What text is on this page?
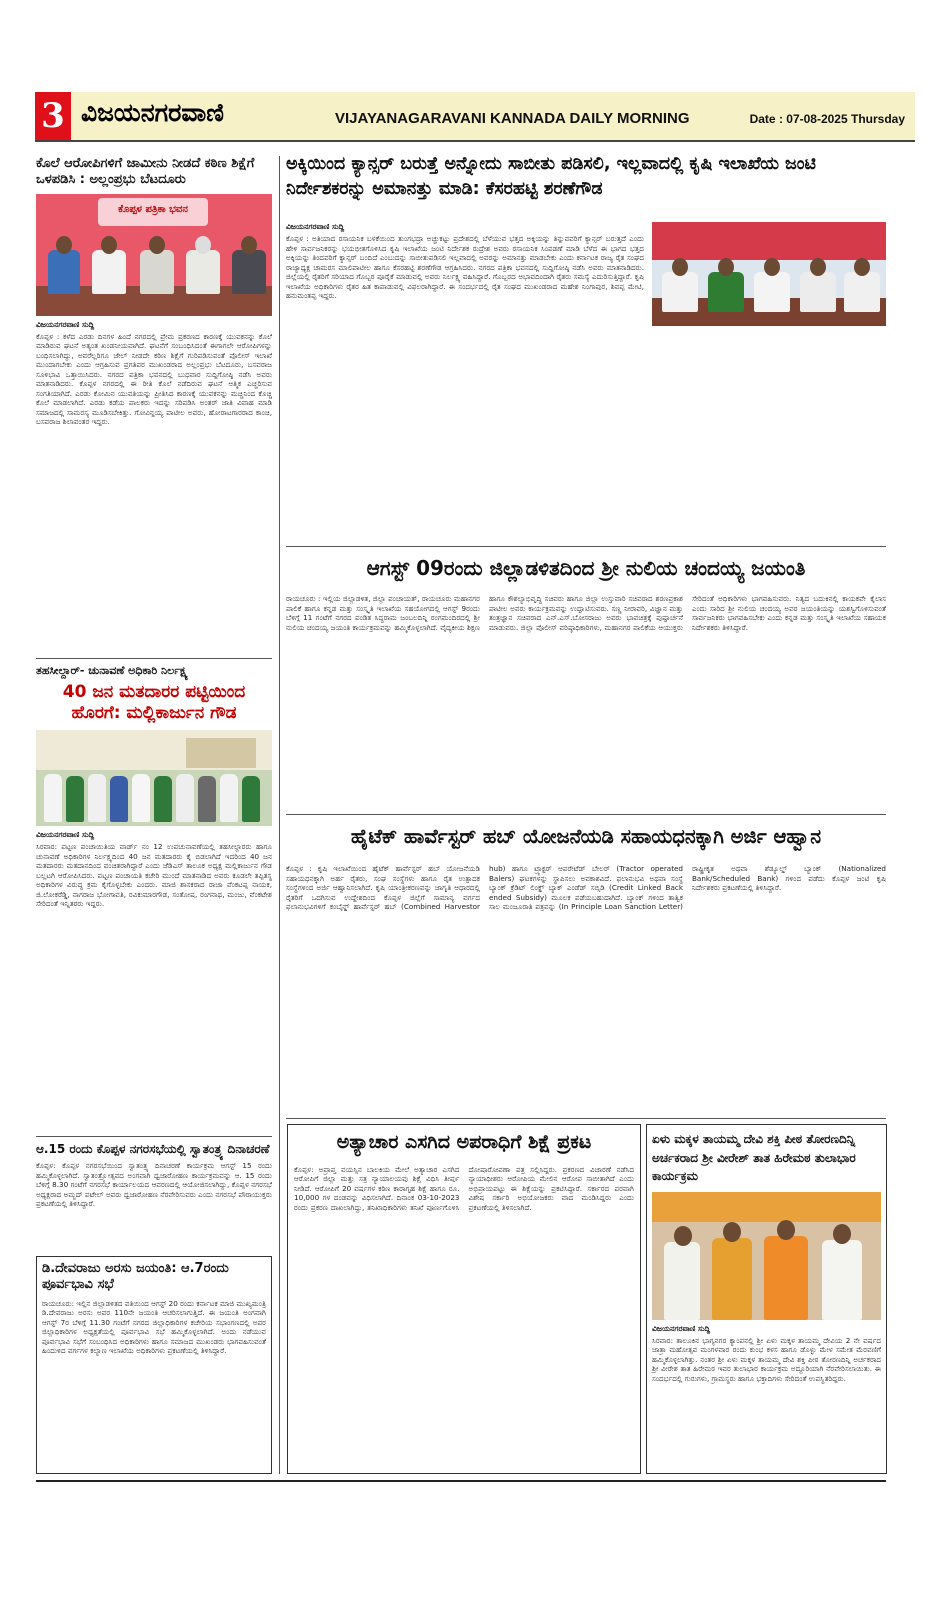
3 ವಿಜಯನಗರವಾಣಿ	VIJAYANAGARAVANI KANNADA DAILY MORNING	Date : 07-08-2025 Thursday

ಕೊಲೆ ಆರೋಪಿಗಳಿಗೆ ಜಾಮೀನು ನೀಡದೆ ಕಠಿಣ ಶಿಕ್ಷೆಗೆ ಒಳಪಡಿಸಿ : ಅಲ್ಲಂಪ್ರಭು ಬೆಟದೂರು

ಕೊಪ್ಪಳ ಪತ್ರಿಕಾ ಭವನ

ವಿಜಯನಗರವಾಣಿ ಸುದ್ದಿ

ಕೊಪ್ಪಳ : ಕಳೆದ ಎರಡು ದಿನಗಳ ಹಿಂದೆ ನಗರದಲ್ಲಿ ಪ್ರೇಮ ಪ್ರಕರಣದ ಕಾರಣಕ್ಕೆ ಯುವಕನನ್ನು ಕೊಲೆ ಮಾಡಿರುವ ಘಟನೆ ಅತ್ಯಂತ ಖಂಡನೀಯವಾಗಿದೆ. ಘಟನೆಗೆ ಸಂಬಂಧಿಸಿದಂತೆ ಈಗಾಗಲೇ ಆರೋಪಿಗಳನ್ನು ಬಂಧಿಸಲಾಗಿದ್ದು, ಅವರೆಲ್ಲರಿಗೂ ಜೇಲ್ ನೀಡದೇ ಕಠಿಣ ಶಿಕ್ಷೆಗೆ ಗುರಿಪಡಿಸುವಂತೆ ಪೊಲೀಸ್ ಇಲಾಖೆ ಮುಂದಾಗಬೇಕು ಎಂದು ಆಗ್ರಹಿಸುವ ಪ್ರಗತಿಪರ ಮುಖಂಡರಾದ ಅಲ್ಲಂಪ್ರಭು ಬೆಟದೂರು, ಬಸವರಾಜ ಸೂಳಿಭಾವಿ ಒತ್ತಾಯಿಸಿದರು. ನಗರದ ಪತ್ರಿಕಾ ಭವನದಲ್ಲಿ ಬುಧವಾರ ಸುದ್ದಿಗೋಷ್ಠಿ ನಡೆಸಿ ಅವರು ಮಾತನಾಡಿದರು. ಕೊಪ್ಪಳ ನಗರದಲ್ಲಿ ಈ ರೀತಿ ಕೊಲೆ ನಡೆದಿರುವ ಘಟನೆ ಆತ್ಮಿಕ ಎಚ್ಚರಿಸುವ ಸಂಗತಿಯಾಗಿದೆ. ಎರಡು ಕೋಮಿನ ಯುವತಿಯನ್ನು ಪ್ರೀತಿಸಿದ ಕಾರಣಕ್ಕೆ ಯುವಕನನ್ನು ಮಚ್ಚಿನಿಂದ ಕೊಚ್ಚಿ ಕೊಲೆ ಮಾಡಲಾಗಿದೆ. ಎರಡು ಕಡೆಯ ಪಾಲಕರು ಇದನ್ನು ಸರಿಪಡಿಸಿ ಅಂತರ್ ಜಾತಿ ವಿವಾಹ ಮಾಡಿ ಸಮಾಜದಲ್ಲಿ ಸಾಮರಸ್ಯ ಮೂಡಿಸಬೇಕಿತ್ತು. ಗೋವಿನ್ದಯ್ಯ ಪಾಟೀಲ ಅವರು, ಹೋರಾಟಗಾರರಾದ ಕಾಂಚಿ, ಬಸವರಾಜ ಶಿಲಾವಂತರ ಇದ್ದರು.

ತಹಸೀಲ್ದಾರ್- ಚುನಾವಣೆ ಅಧಿಕಾರಿ ನಿರ್ಲಕ್ಷ್ಯ

40 ಜನ ಮತದಾರರ ಪಟ್ಟಿಯಿಂದ ಹೊರಗೆ: ಮಲ್ಲಿಕಾರ್ಜುನ ಗೌಡ

ವಿಜಯನಗರವಾಣಿ ಸುದ್ದಿ

ಸಿರವಾರ: ಪಟ್ಟಣ ಪಂಚಾಯಿತಿಯ ವಾರ್ಡ್ ನಂ 12 ಉಪಚುನಾವಣೆಯಲ್ಲಿ ತಹಸೀಲ್ದಾರರು ಹಾಗೂ ಚುನಾವಣೆ ಅಧಿಕಾರಿಗಳ ನಿರ್ಲಕ್ಷ್ಯದಿಂದ 40 ಜನ ಮತದಾರರು ಕೈ ಬಿಡಲಾಗಿದೆ ಇದರಿಂದ 40 ಜನ ಮತದಾರರು ಮತದಾನದಿಂದ ವಂಚಿತರಾಗಿದ್ದಾರೆ ಎಂದು ಜೆಡಿಎಸ್ ತಾಲೂಕ ಅಧ್ಯಕ್ಷ ಮಲ್ಲಿಕಾರ್ಜುನ ಗೌಡ ಬಲ್ಲಟಗಿ ಆರೋಪಿಸಿದರು. ಪಟ್ಟಣ ಪಂಚಾಯತಿ ಕಚೇರಿ ಮುಂದೆ ಮಾತನಾಡಿದ ಅವರು ಕೂಡಲೇ ತಪ್ಪಿತಸ್ಥ ಅಧಿಕಾರಿಗಳ ವಿರುದ್ಧ ಕ್ರಮ ಕೈಗೊಳ್ಳಬೇಕು ಎಂದರು. ಮಾಜಿ ಶಾಸಕರಾದ ರಾಜಾ ವೆಂಕಟಪ್ಪ ನಾಯಕ, ಜಿ.ಲೋಕರೆಡ್ಡಿ, ನಾಗರಾಜ ಭೋಗಾವತಿ, ರವಿಕುಮಾರಗೌಡ, ಸಂತೋಷ, ರಂಗನಾಥ, ಮಂಜು, ವೆಂಕಟೇಶ ಸೇರಿದಂತೆ ಇನ್ನಿತರರು ಇದ್ದರು.

ಆ.15 ರಂದು ಕೊಪ್ಪಳ ನಗರಸಭೆಯಲ್ಲಿ ಸ್ವಾತಂತ್ರ್ಯ ದಿನಾಚರಣೆ

ಕೊಪ್ಪಳ: ಕೊಪ್ಪಳ ನಗರಸಭೆಯಿಂದ ಸ್ವಾತಂತ್ರ್ಯ ದಿನಾಚರಣೆ ಕಾರ್ಯಕ್ರಮ ಆಗಸ್ಟ್ 15 ರಂದು ಹಮ್ಮಿಕೊಳ್ಳಲಾಗಿದೆ. ಸ್ವಾತಂತ್ರ್ಯೋತ್ಸವದ ಅಂಗವಾಗಿ ಧ್ವಜಾರೋಹಣ ಕಾರ್ಯಕ್ರಮವನ್ನು ಆ. 15 ರಂದು ಬೆಳಿಗ್ಗೆ 8.30 ಗಂಟೆಗೆ ನಗರಸಭೆ ಕಾರ್ಯಾಲಯದ ಆವರಣದಲ್ಲಿ ಆಯೋಜಿಸಲಾಗಿದ್ದು, ಕೊಪ್ಪಳ ನಗರಸಭೆ ಅಧ್ಯಕ್ಷರಾದ ಅಮ್ಜದ್ ಪಟೇಲ್ ಅವರು ಧ್ವಜಾರೋಹಣ ನೆರವೇರಿಸುವರು ಎಂದು ನಗರಸಭೆ ಪೌರಾಯುಕ್ತರು ಪ್ರಕಟಣೆಯಲ್ಲಿ ತಿಳಿಸಿದ್ದಾರೆ.

ಡಿ.ದೇವರಾಜು ಅರಸು ಜಯಂತಿ: ಆ.7ರಂದು ಪೂರ್ವಭಾವಿ ಸಭೆ

ರಾಯಚೂರು: ಇಲ್ಲಿನ ಜಿಲ್ಲಾಡಳಿತದ ವತಿಯಿಂದ ಆಗಸ್ಟ್ 20 ರಂದು ಕರ್ನಾಟಕ ಮಾಜಿ ಮುಖ್ಯಮಂತ್ರಿ ಡಿ.ದೇವರಾಜು ಅರಸು ಅವರ 110ನೇ ಜಯಂತಿ ಆಚರಿಸಲಾಗುತ್ತಿದೆ. ಈ ಜಯಂತಿ ಅಂಗವಾಗಿ ಆಗಸ್ಟ್ 7ರ ಬೆಳಿಗ್ಗೆ 11.30 ಗಂಟೆಗೆ ನಗರದ ಜಿಲ್ಲಾಧಿಕಾರಿಗಳ ಕಚೇರಿಯ ಸಭಾಂಗಣದಲ್ಲಿ ಅಪರ ಜಿಲ್ಲಾಧಿಕಾರಿಗಳ ಅಧ್ಯಕ್ಷತೆಯಲ್ಲಿ ಪೂರ್ವಭಾವಿ ಸಭೆ ಹಮ್ಮಿಕೊಳ್ಳಲಾಗಿದೆ. ಅಂದು ನಡೆಯುವ ಪೂರ್ವಭಾವಿ ಸಭೆಗೆ ಸಂಬಂಧಿಸಿದ ಅಧಿಕಾರಿಗಳು ಹಾಗೂ ಸಮಾಜದ ಮುಖಂಡರು ಭಾಗವಹಿಸುವಂತೆ ಹಿಂದುಳಿದ ವರ್ಗಗಳ ಕಲ್ಯಾಣ ಇಲಾಖೆಯ ಅಧಿಕಾರಿಗಳು ಪ್ರಕಟಣೆಯಲ್ಲಿ ತಿಳಿಸಿದ್ದಾರೆ.

ಅಕ್ಕಿಯಿಂದ ಕ್ಯಾನ್ಸರ್ ಬರುತ್ತೆ ಅನ್ನೋದು ಸಾಬೀತು ಪಡಿಸಲಿ, ಇಲ್ಲವಾದಲ್ಲಿ ಕೃಷಿ ಇಲಾಖೆಯ ಜಂಟಿ ನಿರ್ದೇಶಕರನ್ನು ಅಮಾನತ್ತು ಮಾಡಿ: ಕೆಸರಹಟ್ಟಿ ಶರಣೆಗೌಡ

ವಿಜಯನಗರವಾಣಿ ಸುದ್ದಿ

ಕೊಪ್ಪಳ : ಅತಿಯಾದ ರಸಾಯನಿಕ ಬಳಕೆಯಿಂದ ತುಂಗಭದ್ರಾ ಅಚ್ಚುಕಟ್ಟು ಪ್ರದೇಶದಲ್ಲಿ ಬೆಳೆಯುವ ಭತ್ತದ ಅಕ್ಕಿಯನ್ನು ತಿನ್ನುವವರಿಗೆ ಕ್ಯಾನ್ಸರ್ ಬರುತ್ತದೆ ಎಂದು ಹೇಳಿ ಸಾರ್ವಜನಿಕರನ್ನು ಭಯಭೀತಗೊಳಿಸಿದ ಕೃಷಿ ಇಲಾಖೆಯ ಜಂಟಿ ನಿರ್ದೇಶಕ ರುದ್ರೇಶ ಅವರು ರಸಾಯನಿಕ ಸಿಂಪಡಣೆ ಮಾಡಿ ಬೆಳೆದ ಈ ಭಾಗದ ಭತ್ತದ ಅಕ್ಕಿಯನ್ನು ತಿಂದವರಿಗೆ ಕ್ಯಾನ್ಸರ್ ಬಂದಿದೆ ಎಂಬುದನ್ನು ಸಾಬೀತುಪಡಿಸಲಿ ಇಲ್ಲವಾದಲ್ಲಿ ಅವರನ್ನು ಅಮಾನತ್ತು ಮಾಡಬೇಕು ಎಂದು ಕರ್ನಾಟಕ ರಾಜ್ಯ ರೈತ ಸಂಘದ ರಾಜ್ಯಾಧ್ಯಕ್ಷ ಚಾಮರಸ ಮಾಲಿಪಾಟೀಲ ಹಾಗೂ ಕೆಸರಹಟ್ಟಿ ಶರಣೆಗೌಡ ಆಗ್ರಹಿಸಿದರು. ನಗರದ ಪತ್ರಿಕಾ ಭವನದಲ್ಲಿ ಸುದ್ದಿಗೋಷ್ಠಿ ನಡೆಸಿ ಅವರು ಮಾತನಾಡಿದರು. ಜಿಲ್ಲೆಯಲ್ಲಿ ರೈತರಿಗೆ ಸರಿಯಾದ ಗೊಬ್ಬರ ಪೂರೈಕೆ ಮಾಡುವಲ್ಲಿ ಅವರು ನಿರ್ಲಕ್ಷ್ಯ ವಹಿಸಿದ್ದಾರೆ. ಗೊಬ್ಬರದ ಅಭಾವದಿಂದಾಗಿ ರೈತರು ಸಮಸ್ಯೆ ಎದುರಿಸುತ್ತಿದ್ದಾರೆ. ಕೃಷಿ ಇಲಾಖೆಯ ಅಧಿಕಾರಿಗಳು ರೈತರ ಹಿತ ಕಾಪಾಡುವಲ್ಲಿ ವಿಫಲರಾಗಿದ್ದಾರೆ. ಈ ಸಂದರ್ಭದಲ್ಲಿ ರೈತ ಸಂಘದ ಮುಖಂಡರಾದ ಮಹೇಶ ನಿಂಗಾಪುರ, ಶಿವಪ್ಪ ಮೇಟಿ, ಹನುಮಂತಪ್ಪ ಇದ್ದರು.

ಆಗಸ್ಟ್ 09ರಂದು ಜಿಲ್ಲಾಡಳಿತದಿಂದ ಶ್ರೀ ನುಲಿಯ ಚಂದಯ್ಯ ಜಯಂತಿ

ರಾಯಚೂರು : ಇಲ್ಲಿಯ ಜಿಲ್ಲಾಡಳಿತ, ಜಿಲ್ಲಾ ಪಂಚಾಯತ್, ರಾಯಚೂರು ಮಹಾನಗರ ಪಾಲಿಕೆ ಹಾಗೂ ಕನ್ನಡ ಮತ್ತು ಸಂಸ್ಕೃತಿ ಇಲಾಖೆಯ ಸಹಯೋಗದಲ್ಲಿ ಆಗಸ್ಟ್ 9ರಂದು ಬೆಳಿಗ್ಗೆ 11 ಗಂಟೆಗೆ ನಗರದ ಪಂಡಿತ ಸಿದ್ಧರಾಮ ಜಂಬಲದಿನ್ನಿ ರಂಗಮಂದಿರದಲ್ಲಿ ಶ್ರೀ ನುಲಿಯ ಚಂದಯ್ಯ ಜಯಂತಿ ಕಾರ್ಯಕ್ರಮವನ್ನು ಹಮ್ಮಿಕೊಳ್ಳಲಾಗಿದೆ. ವೈದ್ಯಕೀಯ ಶಿಕ್ಷಣ ಹಾಗೂ ಕೌಶಲ್ಯಾಭಿವೃದ್ಧಿ ಸಚಿವರು ಹಾಗೂ ಜಿಲ್ಲಾ ಉಸ್ತುವಾರಿ ಸಚಿವರಾದ ಶರಣಪ್ರಕಾಶ ಪಾಟೀಲ ಅವರು ಕಾರ್ಯಕ್ರಮವನ್ನು ಉದ್ಘಾಟಿಸುವರು. ಸಣ್ಣ ನೀರಾವರಿ, ವಿಜ್ಞಾನ ಮತ್ತು ತಂತ್ರಜ್ಞಾನ ಸಚಿವರಾದ ಎನ್.ಎಸ್.ಬೋಸರಾಜು ಅವರು ಭಾವಚಿತ್ರಕ್ಕೆ ಪುಷ್ಪಾರ್ಚನೆ ಮಾಡುವರು. ಜಿಲ್ಲಾ ಪೊಲೀಸ್ ವರಿಷ್ಠಾಧಿಕಾರಿಗಳು, ಮಹಾನಗರ ಪಾಲಿಕೆಯ ಆಯುಕ್ತರು ಸೇರಿದಂತೆ ಅಧಿಕಾರಿಗಳು ಭಾಗವಹಿಸುವರು. ನಿತ್ಯದ ಬದುಕಿನಲ್ಲಿ ಕಾಯಕವೇ ಕೈಲಾಸ ಎಂದು ಸಾರಿದ ಶ್ರೀ ನುಲಿಯ ಚಂದಯ್ಯ ಅವರ ಜಯಂತಿಯನ್ನು ಯಶಸ್ವಿಗೊಳಿಸುವಂತೆ ಸಾರ್ವಜನಿಕರು ಭಾಗವಹಿಸಬೇಕು ಎಂದು ಕನ್ನಡ ಮತ್ತು ಸಂಸ್ಕೃತಿ ಇಲಾಖೆಯ ಸಹಾಯಕ ನಿರ್ದೇಶಕರು ತಿಳಿಸಿದ್ದಾರೆ.

ಹೈಟೆಕ್ ಹಾರ್ವೆಸ್ಟರ್ ಹಬ್ ಯೋಜನೆಯಡಿ ಸಹಾಯಧನಕ್ಕಾಗಿ ಅರ್ಜಿ ಆಹ್ವಾನ

ಕೊಪ್ಪಳ : ಕೃಷಿ ಇಲಾಖೆಯಿಂದ ಹೈಟೆಕ್ ಹಾರ್ವೆಸ್ಟರ್ ಹಬ್ ಯೋಜನೆಯಡಿ ಸಹಾಯಧನಕ್ಕಾಗಿ ಅರ್ಹ ರೈತರು, ಸಂಘ ಸಂಸ್ಥೆಗಳು ಹಾಗೂ ರೈತ ಉತ್ಪಾದಕ ಸಂಸ್ಥೆಗಳಿಂದ ಅರ್ಜಿ ಆಹ್ವಾನಿಸಲಾಗಿದೆ. ಕೃಷಿ ಯಾಂತ್ರೀಕರಣವನ್ನು ಜಾಗೃತಿ ಆಧಾರದಲ್ಲಿ ರೈತರಿಗೆ ಒದಗಿಸುವ ಉದ್ದೇಶದಿಂದ ಕೊಪ್ಪಳ ಜಿಲ್ಲೆಗೆ ಸಾಮಾನ್ಯ ವರ್ಗದ ಫಲಾನುಭವಿಗಳಿಗೆ ಕಂಬೈನ್ಡ್ ಹಾರ್ವೆಸ್ಟರ್ ಹಬ್ (Combined Harvestor hub) ಹಾಗೂ ಟ್ರ್ಯಾಕ್ಟರ್ ಆಪರೇಟೆಡ್ ಬೇಲರ್ (Tractor operated Balers) ಘಟಕಗಳನ್ನು ಸ್ಥಾಪಿಸಲು ಅವಕಾಶವಿದೆ. ಫಲಾನುಭವಿ ಅಥವಾ ಸಂಸ್ಥೆ ಬ್ಯಾಂಕ್ ಕ್ರೆಡಿಟ್ ಲಿಂಕ್ಡ್ ಬ್ಯಾಕ್ ಎಂಡೆಡ್ ಸಬ್ಸಿಡಿ (Credit Linked Back ended Subsidy) ಮೂಲಕ ಪಡೆಯಬಹುದಾಗಿದೆ. ಬ್ಯಾಂಕ್ ಗಳಿಂದ ತಾತ್ವಿಕ ಸಾಲ ಮಂಜೂರಾತಿ ಪತ್ರವನ್ನು (In Principle Loan Sanction Letter) ರಾಷ್ಟ್ರೀಕೃತ ಅಥವಾ ಶೆಡ್ಯೂಲ್ಡ್ ಬ್ಯಾಂಕ್ (Nationalized Bank/Scheduled Bank) ಗಳಿಂದ ಪಡೆದು ಕೊಪ್ಪಳ ಜಂಟಿ ಕೃಷಿ ನಿರ್ದೇಶಕರು ಪ್ರಕಟಣೆಯಲ್ಲಿ ತಿಳಿಸಿದ್ದಾರೆ.

ಅತ್ಯಾಚಾರ ಎಸಗಿದ ಅಪರಾಧಿಗೆ ಶಿಕ್ಷೆ ಪ್ರಕಟ

ಕೊಪ್ಪಳ: ಅಪ್ರಾಪ್ತ ವಯಸ್ಸಿನ ಬಾಲಕಿಯ ಮೇಲೆ ಅತ್ಯಾಚಾರ ಎಸಗಿದ ಆರೋಪಿಗೆ ಜಿಲ್ಲಾ ಮತ್ತು ಸತ್ರ ನ್ಯಾಯಾಲಯವು ಶಿಕ್ಷೆ ವಿಧಿಸಿ ತೀರ್ಪು ನೀಡಿದೆ. ಆರೋಪಿಗೆ 20 ವರ್ಷಗಳ ಕಠಿಣ ಕಾರಾಗೃಹ ಶಿಕ್ಷೆ ಹಾಗೂ ರೂ. 10,000 ಗಳ ದಂಡವನ್ನು ವಿಧಿಸಲಾಗಿದೆ. ದಿನಾಂಕ 03-10-2023 ರಂದು ಪ್ರಕರಣ ದಾಖಲಾಗಿದ್ದು, ತನಿಖಾಧಿಕಾರಿಗಳು ತನಿಖೆ ಪೂರ್ಣಗೊಳಿಸಿ ದೋಷಾರೋಪಣಾ ಪತ್ರ ಸಲ್ಲಿಸಿದ್ದರು. ಪ್ರಕರಣದ ವಿಚಾರಣೆ ನಡೆಸಿದ ನ್ಯಾಯಾಧೀಶರು ಆರೋಪಿಯ ಮೇಲಿನ ಆರೋಪ ಸಾಬೀತಾಗಿದೆ ಎಂದು ಅಭಿಪ್ರಾಯಪಟ್ಟು ಈ ಶಿಕ್ಷೆಯನ್ನು ಪ್ರಕಟಿಸಿದ್ದಾರೆ. ಸರ್ಕಾರದ ಪರವಾಗಿ ವಿಶೇಷ ಸರ್ಕಾರಿ ಅಭಿಯೋಜಕರು ವಾದ ಮಂಡಿಸಿದ್ದರು ಎಂದು ಪ್ರಕಟಣೆಯಲ್ಲಿ ತಿಳಿಸಲಾಗಿದೆ.

ಏಳು ಮಕ್ಕಳ ತಾಯಮ್ಮ ದೇವಿ ಶಕ್ತಿ ಪೀಠ ತೋರಣದಿನ್ನಿ ಅರ್ಚಕರಾದ ಶ್ರೀ ವೀರೇಶ್ ತಾತ ಹಿರೇಮಠ ತುಲಾಭಾರ ಕಾರ್ಯಕ್ರಮ

ವಿಜಯನಗರವಾಣಿ ಸುದ್ದಿ

ಸಿರವಾರ: ತಾಲೂಕಿನ ಭಾಗ್ಯನಗರ ಕ್ಯಾಂಪನಲ್ಲಿ ಶ್ರೀ ಏಳು ಮಕ್ಕಳ ತಾಯಮ್ಮ ದೇವಿಯ 2 ನೇ ವರ್ಷದ ಜಾತ್ರಾ ಮಹೋತ್ಸವ ಮಂಗಳವಾರ ರಂದು ಕುಂಭ ಕಳಸ ಹಾಗೂ ಡೊಳ್ಳು ಮೇಳ ಸಮೇತ ಮೆರವಣಿಗೆ ಹಮ್ಮಿಕೊಳ್ಳಲಾಗಿತ್ತು. ನಂತರ ಶ್ರೀ ಏಳು ಮಕ್ಕಳ ತಾಯಮ್ಮ ದೇವಿ ಶಕ್ತಿ ಪೀಠ ತೋರಣದಿನ್ನಿ ಅರ್ಚಕರಾದ ಶ್ರೀ ವೀರೇಶ ತಾತ ಹಿರೇಮಠ ಇವರ ತುಲಾಭಾರ ಕಾರ್ಯಕ್ರಮ ಅದ್ದೂರಿಯಾಗಿ ನೆರವೇರಿಸಲಾಯಿತು. ಈ ಸಂದರ್ಭದಲ್ಲಿ ಗುರುಗಳು, ಗ್ರಾಮಸ್ಥರು ಹಾಗೂ ಭಕ್ತಾದಿಗಳು ಸೇರಿದಂತೆ ಉಪಸ್ಥಿತರಿದ್ದರು.
